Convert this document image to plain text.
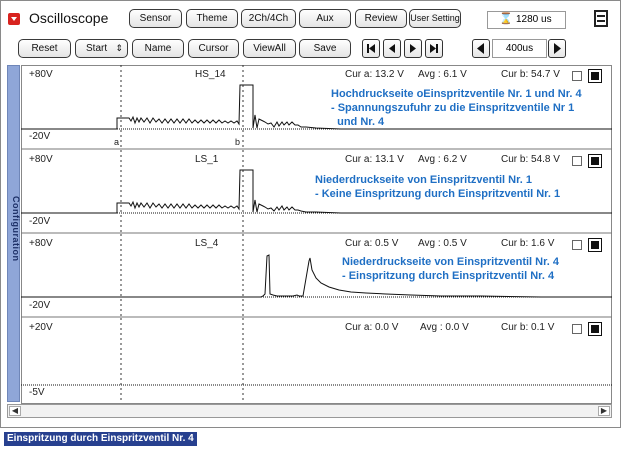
Oscilloscope	Sensor	Theme	2Ch/4Ch	Aux	Review	User Setting	⌛ 1280 us
Reset	Start ⇕	Name	Cursor	ViewAll	Save	400us
Configuration
+80V
-20V
HS_14
a	b
Cur a: 13.2 V Avg : 6.1 V	Cur b: 54.7 V
Hochdruckseite oEinspritzventile Nr. 1 und Nr. 4
- Spannungszufuhr zu die Einspritzventile Nr 1
und Nr. 4
+80V
-20V
LS_1	Cur a: 13.1 V Avg : 6.2 V	Cur b: 54.8 V
Niederdruckseite von Einspritzventil Nr. 1
- Keine Einspritzung durch Einspritzventil Nr. 1
+80V
-20V
LS_4	Cur a: 0.5 V Avg : 0.5 V	Cur b: 1.6 V
Niederdruckseite von Einspritzventil Nr. 4
- Einspritzung durch Einspritzventil Nr. 4
+20V
-5V
Cur a: 0.0 V Avg : 0.0 V	Cur b: 0.1 V
◀	▶
Einspritzung durch Einspritzventil Nr. 4
